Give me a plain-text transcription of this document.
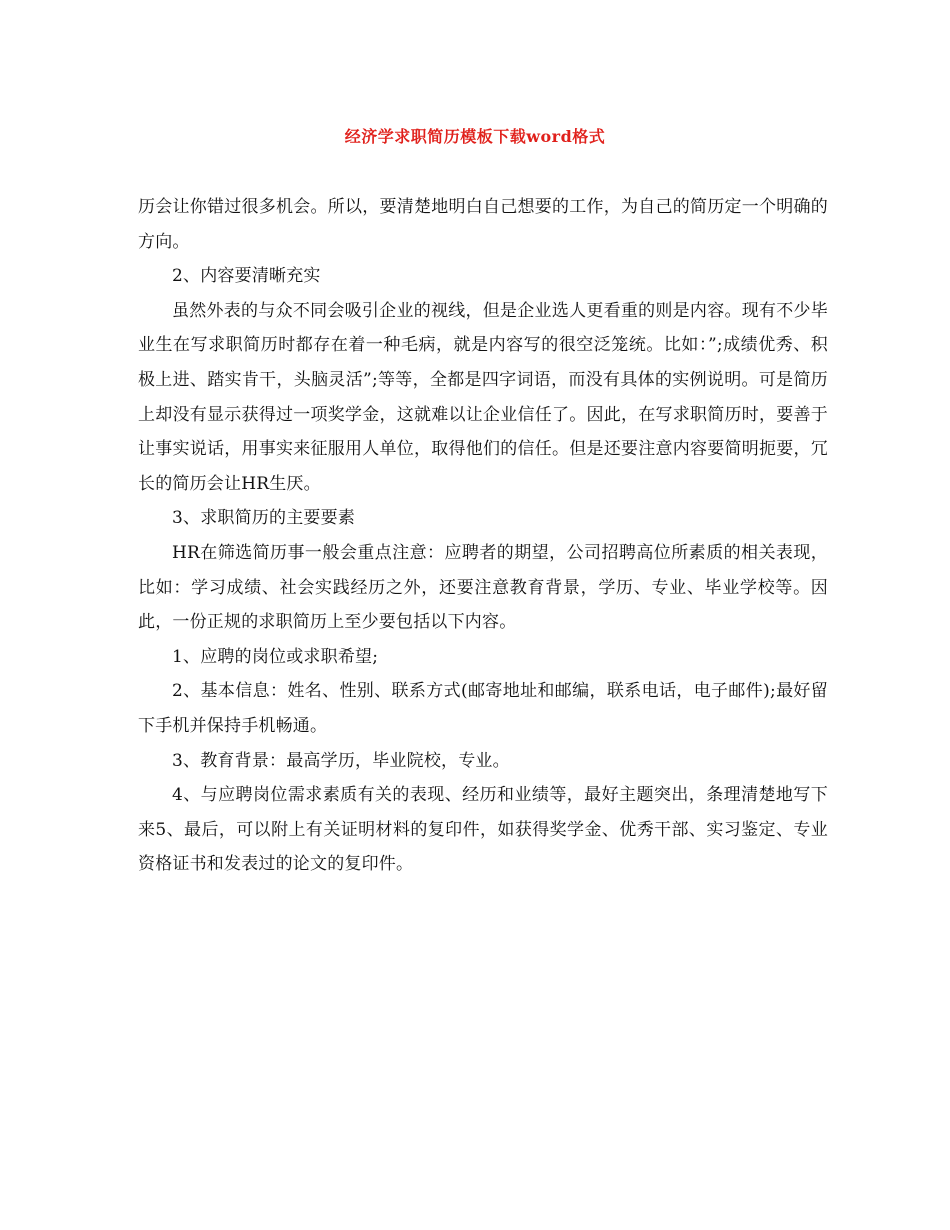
经济学求职简历模板下载word格式

历会让你错过很多机会。所以，要清楚地明白自己想要的工作，为自己的简历定一个明确的方向。

2、内容要清晰充实

虽然外表的与众不同会吸引企业的视线，但是企业选人更看重的则是内容。现有不少毕业生在写求职简历时都存在着一种毛病，就是内容写的很空泛笼统。比如：”;成绩优秀、积极上进、踏实肯干，头脑灵活”;等等，全都是四字词语，而没有具体的实例说明。可是简历上却没有显示获得过一项奖学金，这就难以让企业信任了。因此，在写求职简历时，要善于让事实说话，用事实来征服用人单位，取得他们的信任。但是还要注意内容要简明扼要，冗长的简历会让HR生厌。

3、求职简历的主要要素

HR在筛选简历事一般会重点注意：应聘者的期望，公司招聘高位所素质的相关表现，比如：学习成绩、社会实践经历之外，还要注意教育背景，学历、专业、毕业学校等。因此，一份正规的求职简历上至少要包括以下内容。

1、应聘的岗位或求职希望;

2、基本信息：姓名、性别、联系方式(邮寄地址和邮编，联系电话，电子邮件);最好留下手机并保持手机畅通。

3、教育背景：最高学历，毕业院校，专业。

4、与应聘岗位需求素质有关的表现、经历和业绩等，最好主题突出，条理清楚地写下来5、最后，可以附上有关证明材料的复印件，如获得奖学金、优秀干部、实习鉴定、专业资格证书和发表过的论文的复印件。
